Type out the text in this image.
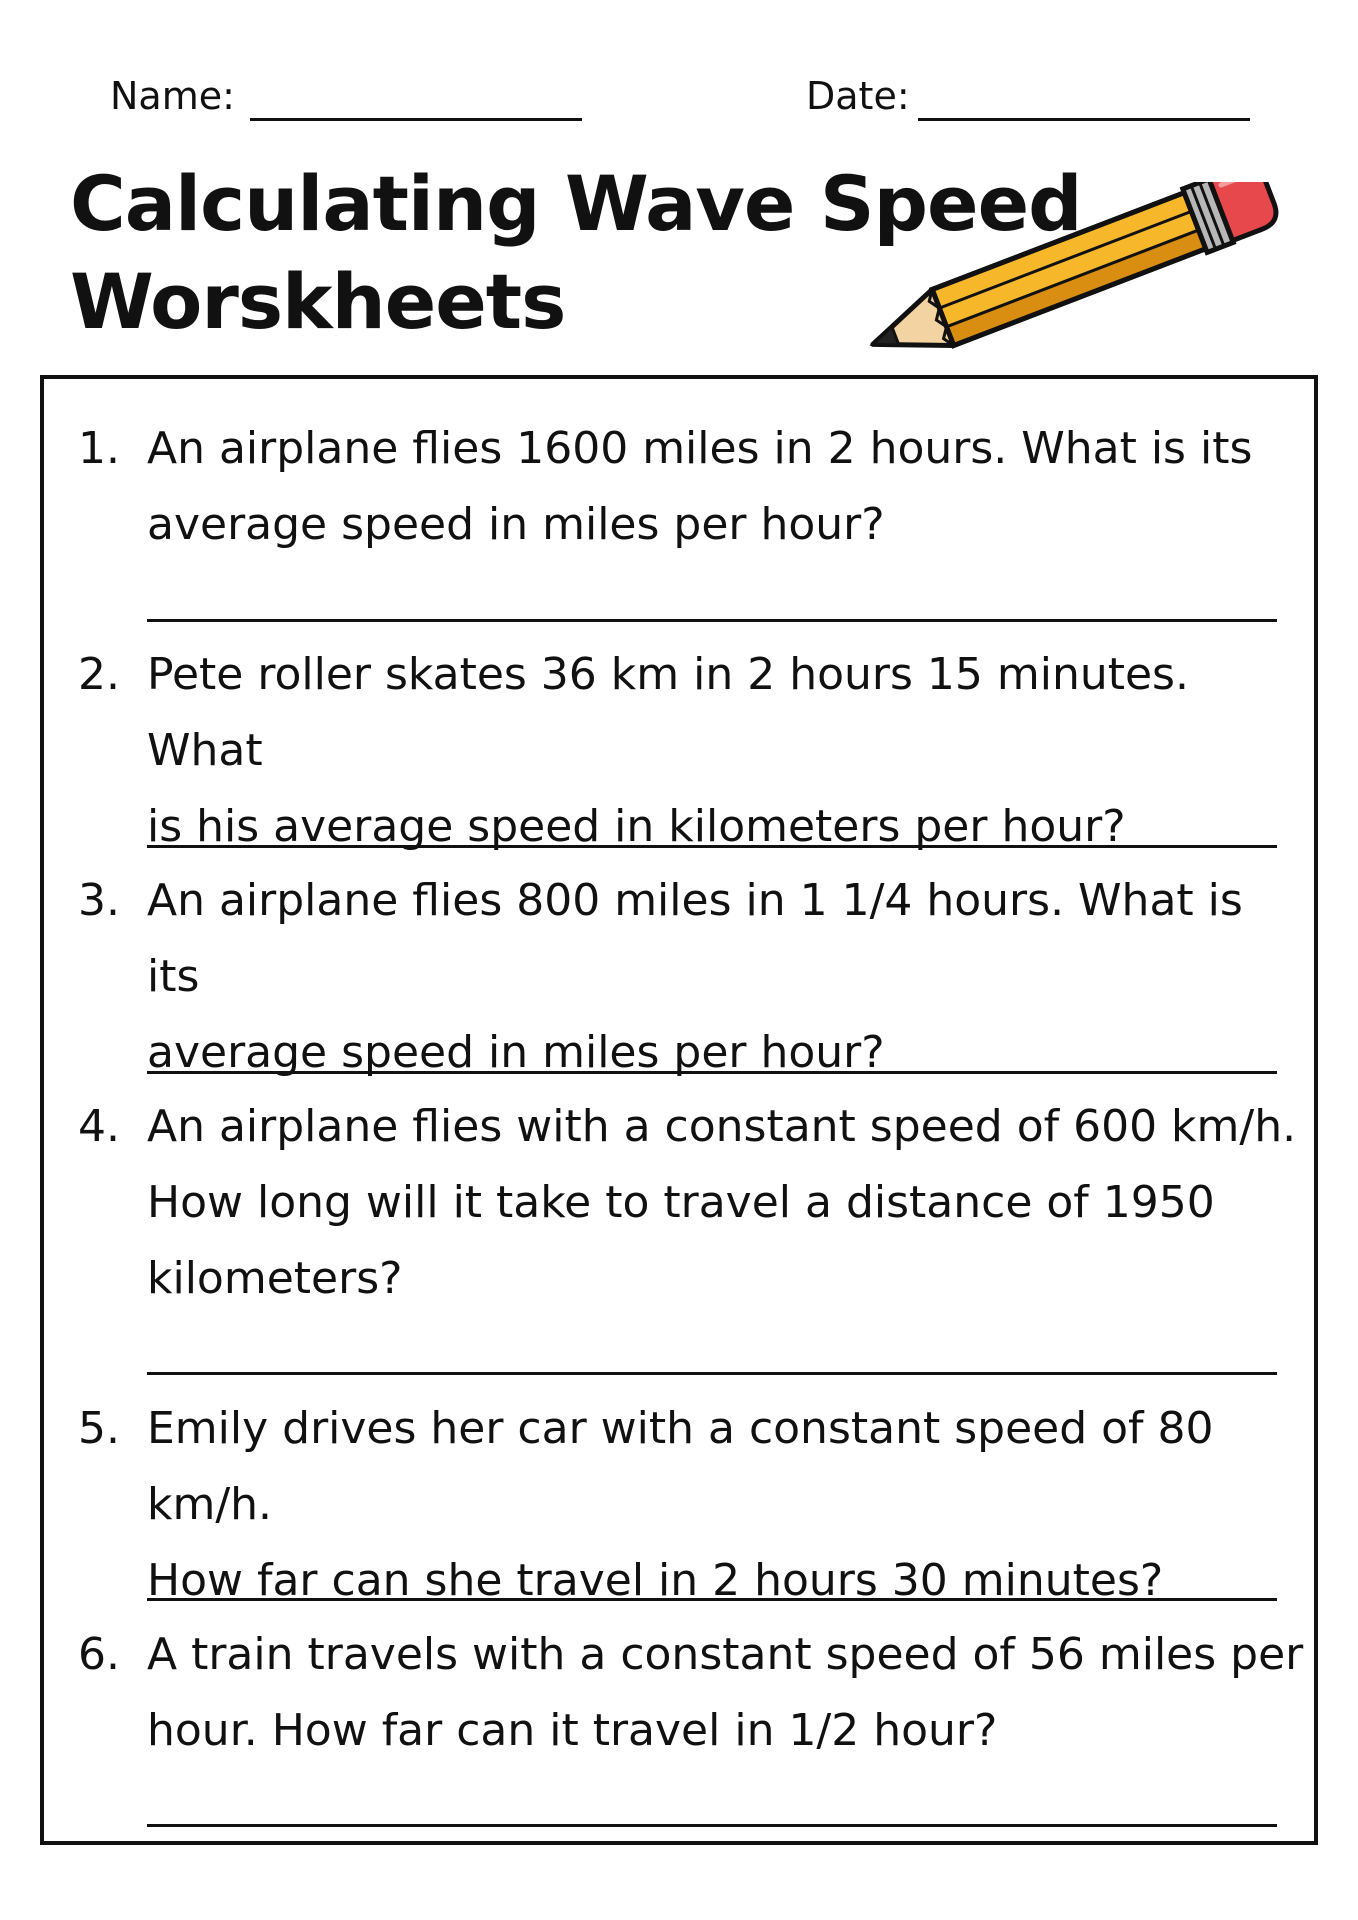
Name:	Date:
Calculating Wave Speed
Worskheets
1. An airplane flies 1600 miles in 2 hours. What is its
average speed in miles per hour?
2. Pete roller skates 36 km in 2 hours 15 minutes. What
is his average speed in kilometers per hour?
3. An airplane flies 800 miles in 1 1/4 hours. What is its
average speed in miles per hour?
4. An airplane flies with a constant speed of 600 km/h.
How long will it take to travel a distance of 1950
kilometers?
5. Emily drives her car with a constant speed of 80 km/h.
How far can she travel in 2 hours 30 minutes?
6. A train travels with a constant speed of 56 miles per
hour. How far can it travel in 1/2 hour?
